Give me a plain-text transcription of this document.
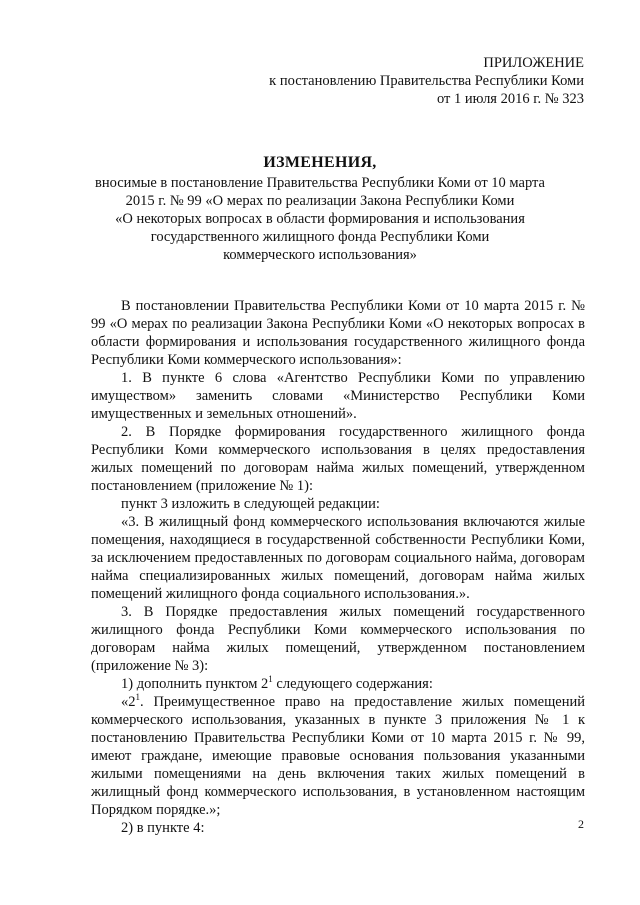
ПРИЛОЖЕНИЕ
к постановлению Правительства Республики Коми
от 1 июля 2016 г. № 323
ИЗМЕНЕНИЯ,
вносимые в постановление Правительства Республики Коми от 10 марта
2015 г. № 99 «О мерах по реализации Закона Республики Коми
«О некоторых вопросах в области формирования и использования
государственного жилищного фонда Республики Коми
коммерческого использования»

В постановлении Правительства Республики Коми от 10 марта 2015 г. № 99 «О мерах по реализации Закона Республики Коми «О некоторых вопросах в области формирования и использования государственного жилищного фонда Республики Коми коммерческого использования»:

1. В пункте 6 слова «Агентство Республики Коми по управлению имуществом» заменить словами «Министерство Республики Коми имущественных и земельных отношений».

2. В Порядке формирования государственного жилищного фонда Республики Коми коммерческого использования в целях предоставления жилых помещений по договорам найма жилых помещений, утвержденном постановлением (приложение № 1):

пункт 3 изложить в следующей редакции:

«3. В жилищный фонд коммерческого использования включаются жилые помещения, находящиеся в государственной собственности Республики Коми, за исключением предоставленных по договорам социального найма, договорам найма специализированных жилых помещений, договорам найма жилых помещений жилищного фонда социального использования.».

3. В Порядке предоставления жилых помещений государственного жилищного фонда Республики Коми коммерческого использования по договорам найма жилых помещений, утвержденном постановлением (приложение № 3):

1) дополнить пунктом $2^1$ следующего содержания:

«$2^1$. Преимущественное право на предоставление жилых помещений коммерческого использования, указанных в пункте 3 приложения № 1 к постановлению Правительства Республики Коми от 10 марта 2015 г. № 99, имеют граждане, имеющие правовые основания пользования указанными жилыми помещениями на день включения таких жилых помещений в жилищный фонд коммерческого использования, в установленном настоящим Порядком порядке.»;

2) в пункте 4:	2
